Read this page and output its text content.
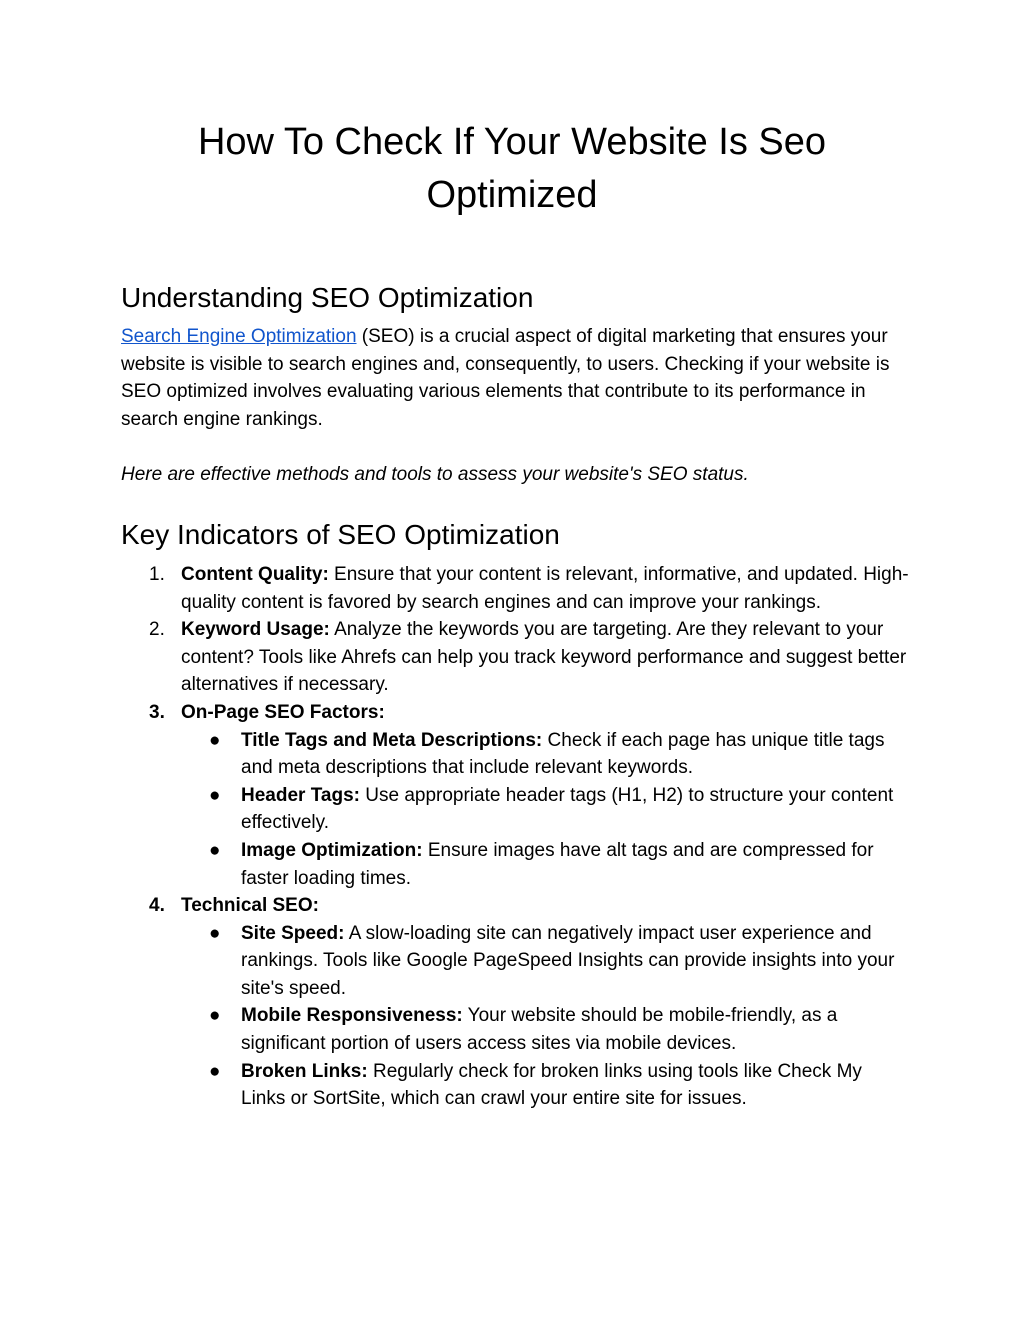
How To Check If Your Website Is Seo Optimized
Understanding SEO Optimization

Search Engine Optimization (SEO) is a crucial aspect of digital marketing that ensures your website is visible to search engines and, consequently, to users. Checking if your website is SEO optimized involves evaluating various elements that contribute to its performance in search engine rankings.

Here are effective methods and tools to assess your website's SEO status.

Key Indicators of SEO Optimization
1. Content Quality: Ensure that your content is relevant, informative, and updated. High-quality content is favored by search engines and can improve your rankings.
2. Keyword Usage: Analyze the keywords you are targeting. Are they relevant to your content? Tools like Ahrefs can help you track keyword performance and suggest better alternatives if necessary.
3. On-Page SEO Factors:
● Title Tags and Meta Descriptions: Check if each page has unique title tags and meta descriptions that include relevant keywords.
● Header Tags: Use appropriate header tags (H1, H2) to structure your content effectively.
● Image Optimization: Ensure images have alt tags and are compressed for faster loading times.
4. Technical SEO:
● Site Speed: A slow-loading site can negatively impact user experience and rankings. Tools like Google PageSpeed Insights can provide insights into your site's speed.
● Mobile Responsiveness: Your website should be mobile-friendly, as a significant portion of users access sites via mobile devices.
● Broken Links: Regularly check for broken links using tools like Check My Links or SortSite, which can crawl your entire site for issues.
